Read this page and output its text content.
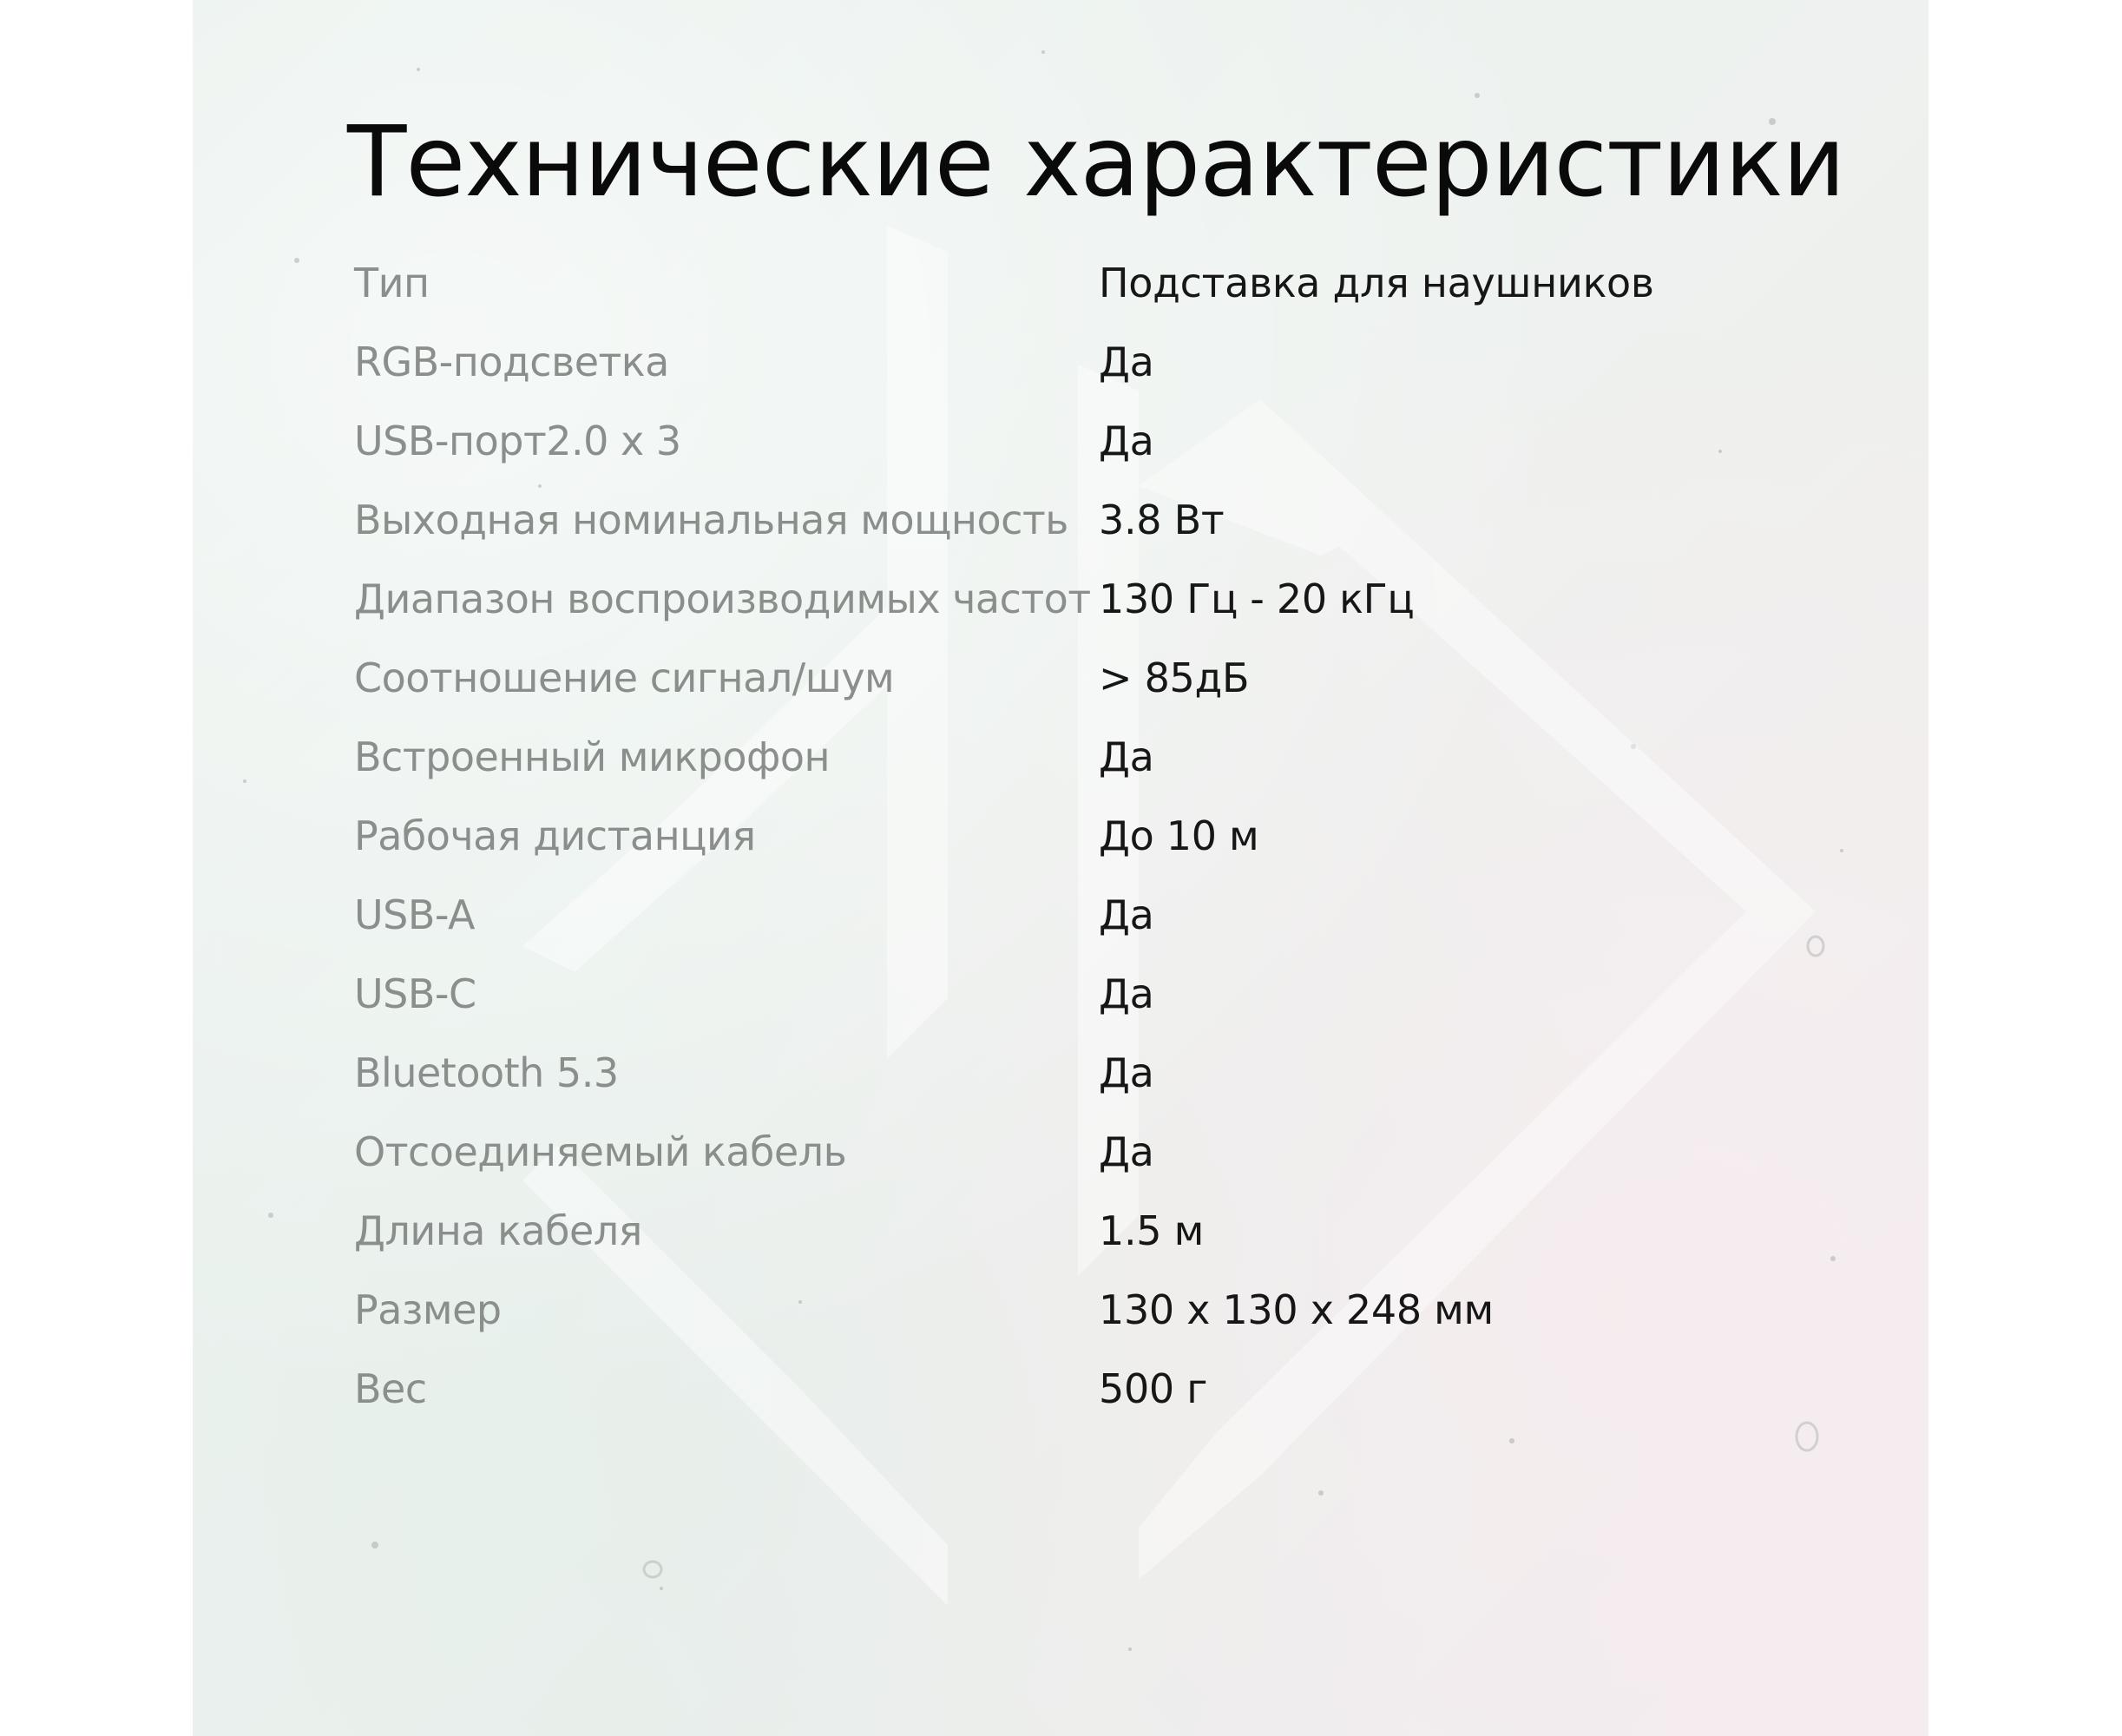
Технические характеристики
Тип	Подставка для наушников
RGB-подсветка	Да
USB-порт2.0 х 3	Да
Выходная номинальная мощность 3.8 Вт
Диапазон воспроизводимых частот 130 Гц - 20 кГц
Соотношение сигнал/шум	> 85дБ
Встроенный микрофон	Да
Рабочая дистанция	До 10 м
USB-A	Да
USB-C	Да
Bluetooth 5.3	Да
Отсоединяемый кабель	Да
Длина кабеля	1.5 м
Размер	130 х 130 х 248 мм
Вес	500 г
